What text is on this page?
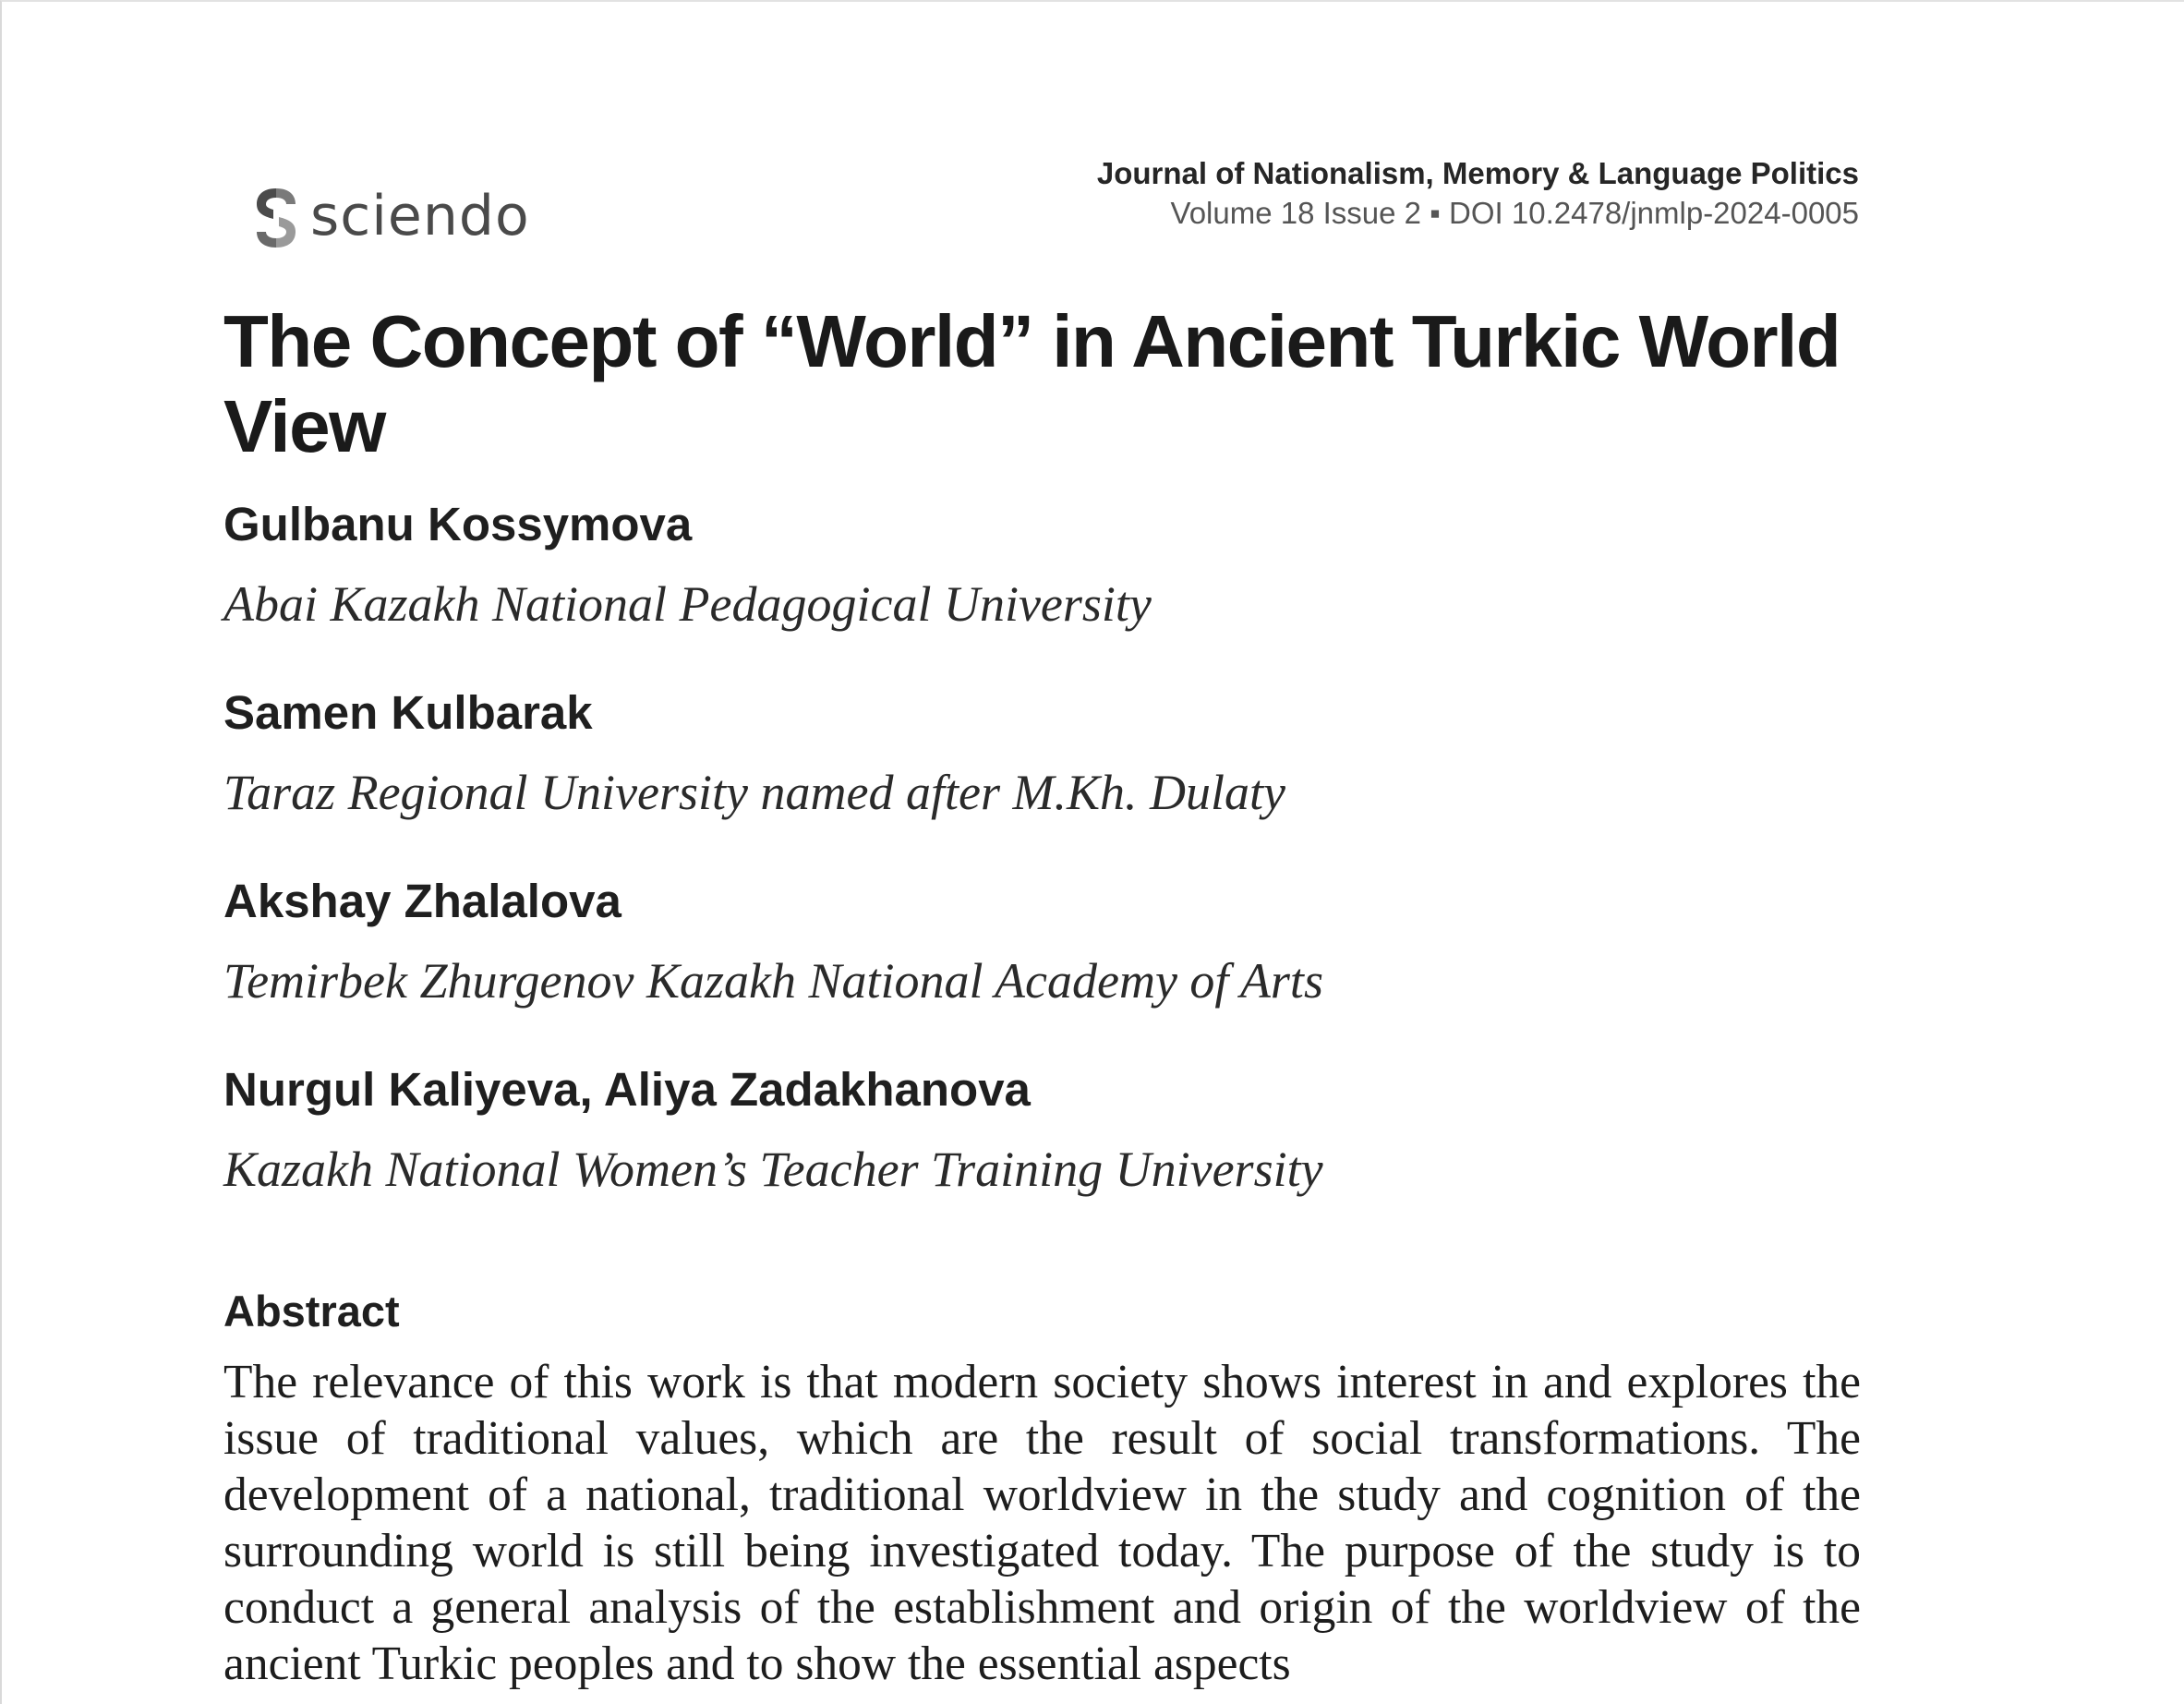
sciendo
Journal of Nationalism, Memory & Language Politics
Volume 18 Issue 2 ▪ DOI 10.2478/jnmlp-2024-0005
The Concept of “World” in Ancient Turkic World View
Gulbanu Kossymova
Abai Kazakh National Pedagogical University
Samen Kulbarak
Taraz Regional University named after M.Kh. Dulaty
Akshay Zhalalova
Temirbek Zhurgenov Kazakh National Academy of Arts
Nurgul Kaliyeva, Aliya Zadakhanova
Kazakh National Women’s Teacher Training University
Abstract

The relevance of this work is that modern society shows interest in and explores the issue of traditional values, which are the result of social transformations. The development of a national, traditional worldview in the study and cognition of the surrounding world is still being investigated today. The purpose of the study is to conduct a general analysis of the establishment and origin of the worldview of the ancient Turkic peoples and to show the essential aspects
